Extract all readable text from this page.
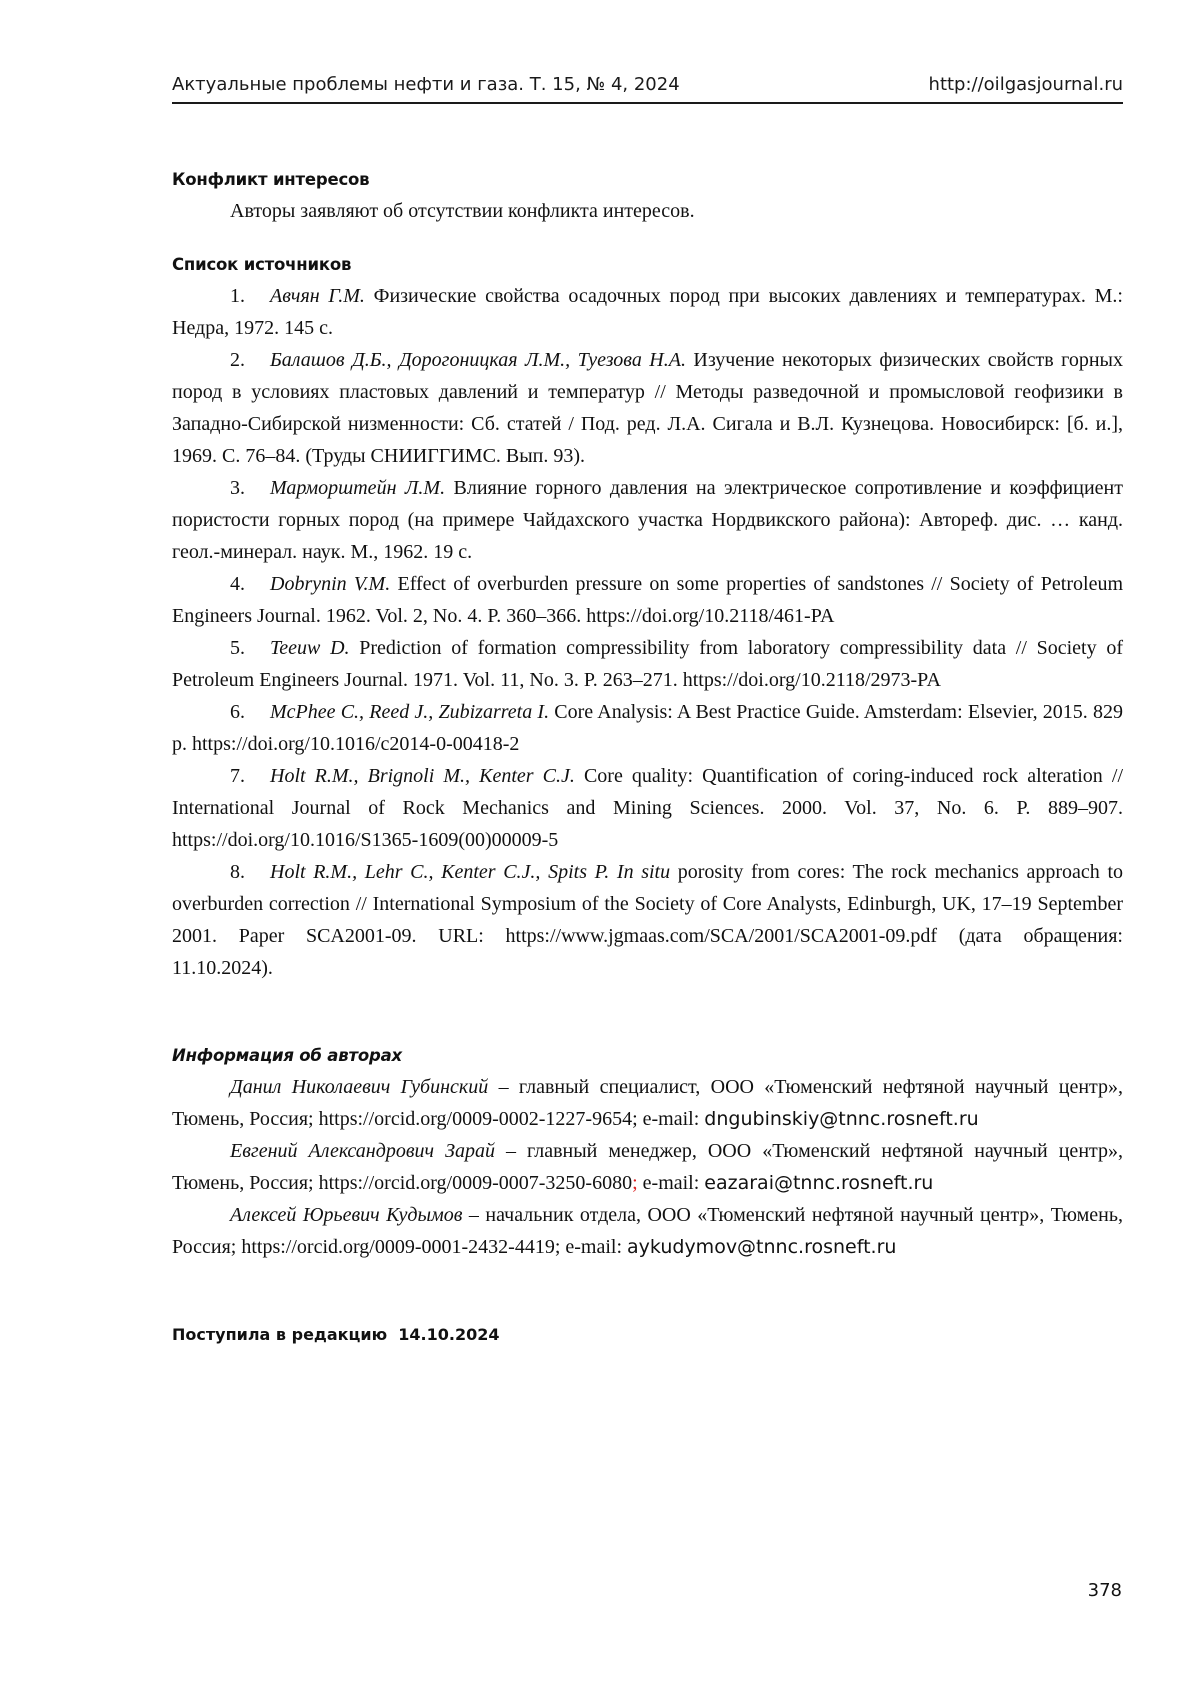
Актуальные проблемы нефти и газа. Т. 15, № 4, 2024	http://oilgasjournal.ru
Конфликт интересов

Авторы заявляют об отсутствии конфликта интересов.

Список источников
1. Авчян Г.М. Физические свойства осадочных пород при высоких давлениях и температурах. М.: Недра, 1972. 145 с.
2. Балашов Д.Б., Дорогоницкая Л.М., Туезова Н.А. Изучение некоторых физических свойств горных пород в условиях пластовых давлений и температур // Методы разведочной и промысловой геофизики в Западно-Сибирской низменности: Сб. статей / Под. ред. Л.А. Сигала и В.Л. Кузнецова. Новосибирск: [б. и.], 1969. С. 76–84. (Труды СНИИГГИМС. Вып. 93).
3. Марморштейн Л.М. Влияние горного давления на электрическое сопротивление и коэффициент пористости горных пород (на примере Чайдахского участка Нордвикского района): Автореф. дис. … канд. геол.-минерал. наук. М., 1962. 19 с.
4. Dobrynin V.M. Effect of overburden pressure on some properties of sandstones // Society of Petroleum Engineers Journal. 1962. Vol. 2, No. 4. P. 360–366. https://doi.org/10.2118/461-PA
5. Teeuw D. Prediction of formation compressibility from laboratory compressibility data // Society of Petroleum Engineers Journal. 1971. Vol. 11, No. 3. P. 263–271. https://doi.org/10.2118/2973-PA
6. McPhee C., Reed J., Zubizarreta I. Core Analysis: A Best Practice Guide. Amsterdam: Elsevier, 2015. 829 p. https://doi.org/10.1016/c2014-0-00418-2
7. Holt R.M., Brignoli M., Kenter C.J. Core quality: Quantification of coring-induced rock alteration // International Journal of Rock Mechanics and Mining Sciences. 2000. Vol. 37, No. 6. P. 889–907. https://doi.org/10.1016/S1365-1609(00)00009-5
8. Holt R.M., Lehr C., Kenter C.J., Spits P. In situ porosity from cores: The rock mechanics approach to overburden correction // International Symposium of the Society of Core Analysts, Edinburgh, UK, 17–19 September 2001. Paper SCA2001-09. URL: https://www.jgmaas.com/SCA/2001/SCA2001-09.pdf (дата обращения: 11.10.2024).
Информация об авторах

Данил Николаевич Губинский – главный специалист, ООО «Тюменский нефтяной научный центр», Тюмень, Россия; https://orcid.org/0009-0002-1227-9654; e-mail: dngubinskiy@tnnc.rosneft.ru

Евгений Александрович Зарай – главный менеджер, ООО «Тюменский нефтяной научный центр», Тюмень, Россия; https://orcid.org/0009-0007-3250-6080; e-mail: eazarai@tnnc.rosneft.ru

Алексей Юрьевич Кудымов – начальник отдела, ООО «Тюменский нефтяной научный центр», Тюмень, Россия; https://orcid.org/0009-0001-2432-4419; e-mail: aykudymov@tnnc.rosneft.ru

Поступила в редакцию 14.10.2024
378
